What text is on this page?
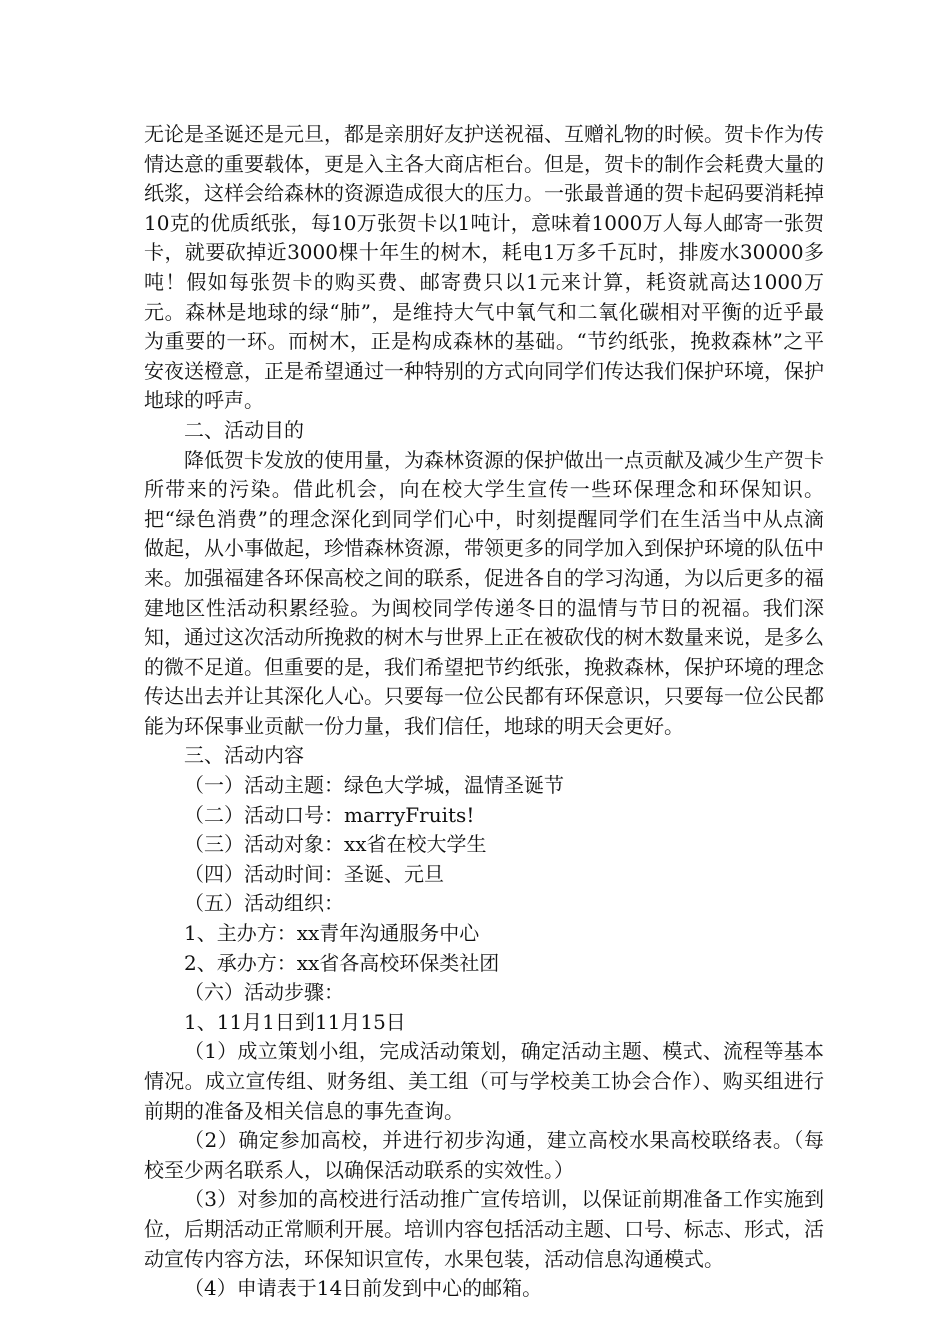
无论是圣诞还是元旦，都是亲朋好友护送祝福、互赠礼物的时候。贺卡作为传情达意的重要载体，更是入主各大商店柜台。但是，贺卡的制作会耗费大量的纸浆，这样会给森林的资源造成很大的压力。一张最普通的贺卡起码要消耗掉10克的优质纸张，每10万张贺卡以1吨计，意味着1000万人每人邮寄一张贺卡，就要砍掉近3000棵十年生的树木，耗电1万多千瓦时，排废水30000多吨！假如每张贺卡的购买费、邮寄费只以1元来计算，耗资就高达1000万元。森林是地球的绿“肺”，是维持大气中氧气和二氧化碳相对平衡的近乎最为重要的一环。而树木，正是构成森林的基础。“节约纸张，挽救森林”之平安夜送橙意，正是希望通过一种特别的方式向同学们传达我们保护环境，保护地球的呼声。

二、活动目的

降低贺卡发放的使用量，为森林资源的保护做出一点贡献及减少生产贺卡所带来的污染。借此机会，向在校大学生宣传一些环保理念和环保知识。把“绿色消费”的理念深化到同学们心中，时刻提醒同学们在生活当中从点滴做起，从小事做起，珍惜森林资源，带领更多的同学加入到保护环境的队伍中来。加强福建各环保高校之间的联系，促进各自的学习沟通，为以后更多的福建地区性活动积累经验。为闽校同学传递冬日的温情与节日的祝福。我们深知，通过这次活动所挽救的树木与世界上正在被砍伐的树木数量来说，是多么的微不足道。但重要的是，我们希望把节约纸张，挽救森林，保护环境的理念传达出去并让其深化人心。只要每一位公民都有环保意识，只要每一位公民都能为环保事业贡献一份力量，我们信任，地球的明天会更好。

三、活动内容

（一）活动主题：绿色大学城，温情圣诞节

（二）活动口号：marryFruits!

（三）活动对象：xx省在校大学生

（四）活动时间：圣诞、元旦

（五）活动组织：

1、主办方：xx青年沟通服务中心

2、承办方：xx省各高校环保类社团

（六）活动步骤：

1、11月1日到11月15日

（1）成立策划小组，完成活动策划，确定活动主题、模式、流程等基本情况。成立宣传组、财务组、美工组（可与学校美工协会合作）、购买组进行前期的准备及相关信息的事先查询。

（2）确定参加高校，并进行初步沟通，建立高校水果高校联络表。（每校至少两名联系人，以确保活动联系的实效性。）

（3）对参加的高校进行活动推广宣传培训，以保证前期准备工作实施到位，后期活动正常顺利开展。培训内容包括活动主题、口号、标志、形式，活动宣传内容方法，环保知识宣传，水果包装，活动信息沟通模式。

（4）申请表于14日前发到中心的邮箱。
